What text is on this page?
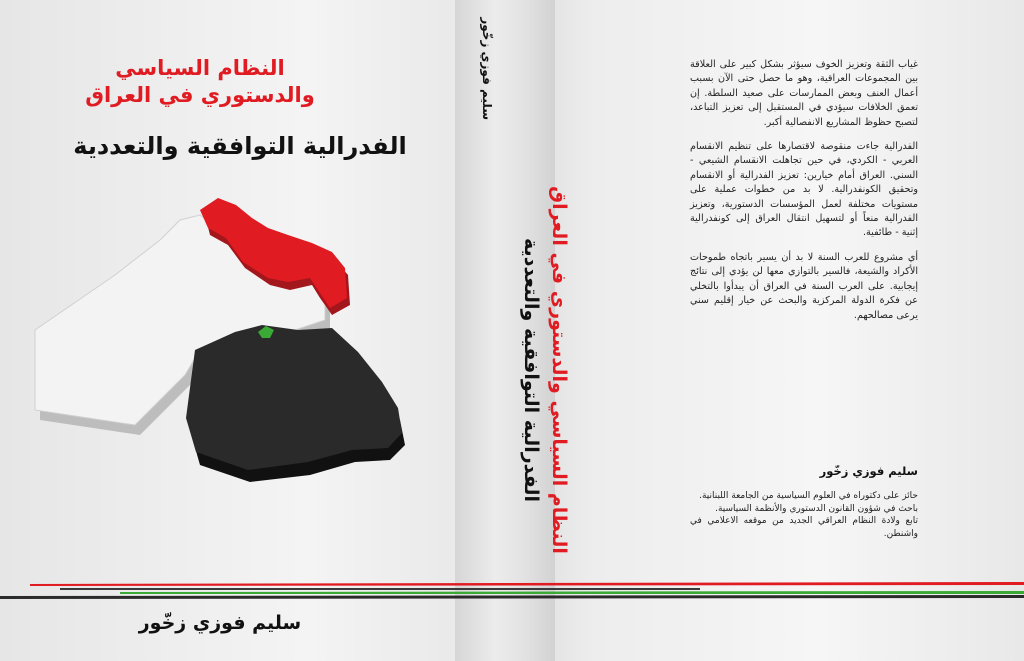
النظام السياسي
والدستوري في العراق
الفدرالية التوافقية والتعددية
سليم فوزي زخّور
سليم فوزي زخّور
النظام السياسي والدستوري في العراق
الفدرالية التوافقية والتعددية

غياب الثقة وتعزيز الخوف سيؤثر بشكل كبير على العلاقة بين المجموعات العراقية، وهو ما حصل حتى الآن بسبب أعمال العنف وبعض الممارسات على صعيد السلطة. إن تعمق الخلافات سيؤدي في المستقبل إلى تعزيز التباعد، لتصبح حظوظ المشاريع الانفصالية أكبر.

الفدرالية جاءت منقوصة لاقتصارها على تنظيم الانقسام العربي - الكردي، في حين تجاهلت الانقسام الشيعي - السني. العراق أمام خيارين: تعزيز الفدرالية أو الانقسام وتحقيق الكونفدرالية. لا بد من خطوات عملية على مستويات مختلفة لعمل المؤسسات الدستورية، وتعزيز الفدرالية منعاً أو لتسهيل انتقال العراق إلى كونفدرالية إثنية - طائفية.

أي مشروع للعرب السنة لا بد أن يسير باتجاه طموحات الأكراد والشيعة، فالسير بالتوازي معها لن يؤدي إلى نتائج إيجابية. على العرب السنة في العراق أن يبدأوا بالتخلي عن فكرة الدولة المركزية والبحث عن خيار إقليم سني يرعى مصالحهم.

سليم فوزي زخّور
حائز على دكتوراه في العلوم السياسية من الجامعة اللبنانية.
باحث في شؤون القانون الدستوري والأنظمة السياسية.
تابع ولادة النظام العراقي الجديد من موقعه الاعلامي في واشنطن.
